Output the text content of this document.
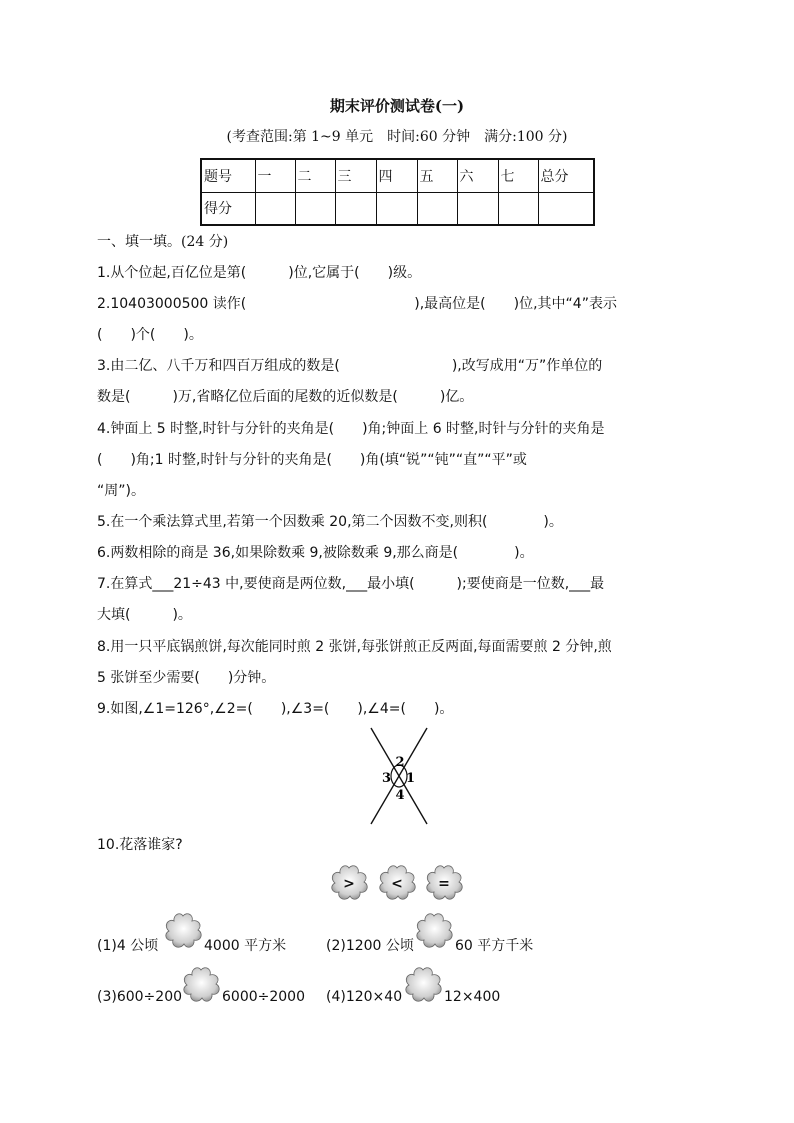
期末评价测试卷(一)
(考查范围:第 1~9 单元　时间:60 分钟　满分:100 分)
题号	一	二	三	四	五	六	七	总分
得分								
一、填一填。(24 分)
1.从个位起,百亿位是第(　　　)位,它属于(　　)级。
2.10403000500 读作(　　　　　　　　　　　　),最高位是(　　)位,其中“4”表示
(　　)个(　　)。
3.由二亿、八千万和四百万组成的数是(　　　　　　　　),改写成用“万”作单位的
数是(　　　)万,省略亿位后面的尾数的近似数是(　　　)亿。
4.钟面上 5 时整,时针与分针的夹角是(　　)角;钟面上 6 时整,时针与分针的夹角是
(　　)角;1 时整,时针与分针的夹角是(　　)角(填“锐”“钝”“直”“平”或
“周”)。
5.在一个乘法算式里,若第一个因数乘 20,第二个因数不变,则积(　　　　)。
6.两数相除的商是 36,如果除数乘 9,被除数乘 9,那么商是(　　　　)。
7.在算式___21÷43 中,要使商是两位数,___最小填(　　　);要使商是一位数,___最
大填(　　　)。
8.用一只平底锅煎饼,每次能同时煎 2 张饼,每张饼煎正反两面,每面需要煎 2 分钟,煎
5 张饼至少需要(　　)分钟。
9.如图,∠1=126°,∠2=(　　),∠3=(　　),∠4=(　　)。
2
3 1
4
10.花落谁家?
>	<	=
(1)4 公顷	4000 平方米	(2)1200 公顷	60 平方千米
(3)600÷200	6000÷2000 (4)120×40	12×400
